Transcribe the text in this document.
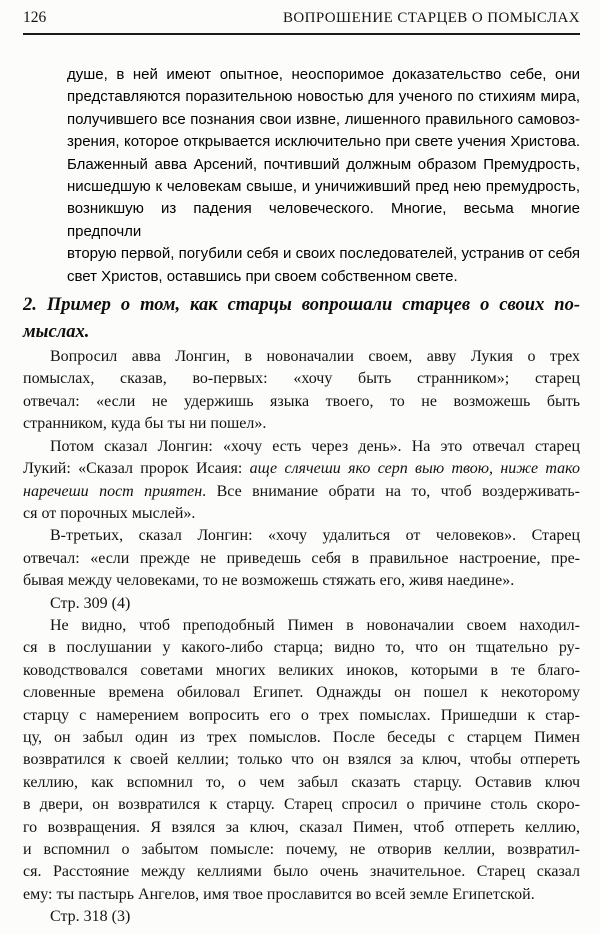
126	ВОПРОШЕНИЕ СТАРЦЕВ О ПОМЫСЛАХ
душе, в ней имеют опытное, неоспоримое доказательство себе, они
представляются поразительною новостью для ученого по стихиям мира,
получившего все познания свои извне, лишенного правильного самовоз-
зрения, которое открывается исключительно при свете учения Христова.
Блаженный авва Арсений, почтивший должным образом Премудрость,
нисшедшую к человекам свыше, и уничиживший пред нею премудрость,
возникшую из падения человеческого. Многие, весьма многие предпочли
вторую первой, погубили себя и своих последователей, устранив от себя
свет Христов, оставшись при своем собственном свете.
2. Пример о том, как старцы вопрошали старцев о своих по-
мыслах.
Вопросил авва Лонгин, в новоначалии своем, авву Лукия о трех
помыслах, сказав, во-первых: «хочу быть странником»; старец
отвечал: «если не удержишь языка твоего, то не возможешь быть
странником, куда бы ты ни пошел».
Потом сказал Лонгин: «хочу есть через день». На это отвечал старец
Лукий: «Сказал пророк Исаия: аще слячеши яко серп выю твою, ниже тако
наречеши пост приятен. Все внимание обрати на то, чтоб воздерживать-
ся от порочных мыслей».
В-третьих, сказал Лонгин: «хочу удалиться от человеков». Старец
отвечал: «если прежде не приведешь себя в правильное настроение, пре-
бывая между человеками, то не возможешь стяжать его, живя наедине».
Стр. 309 (4)
Не видно, чтоб преподобный Пимен в новоначалии своем находил-
ся в послушании у какого-либо старца; видно то, что он тщательно ру-
ководствовался советами многих великих иноков, которыми в те благо-
словенные времена обиловал Египет. Однажды он пошел к некоторому
старцу с намерением вопросить его о трех помыслах. Пришедши к стар-
цу, он забыл один из трех помыслов. После беседы с старцем Пимен
возвратился к своей келлии; только что он взялся за ключ, чтобы отпереть
келлию, как вспомнил то, о чем забыл сказать старцу. Оставив ключ
в двери, он возвратился к старцу. Старец спросил о причине столь скоро-
го возвращения. Я взялся за ключ, сказал Пимен, чтоб отпереть келлию,
и вспомнил о забытом помысле: почему, не отворив келлии, возвратил-
ся. Расстояние между келлиями было очень значительное. Старец сказал
ему: ты пастырь Ангелов, имя твое прославится во всей земле Египетской.
Стр. 318 (3)
